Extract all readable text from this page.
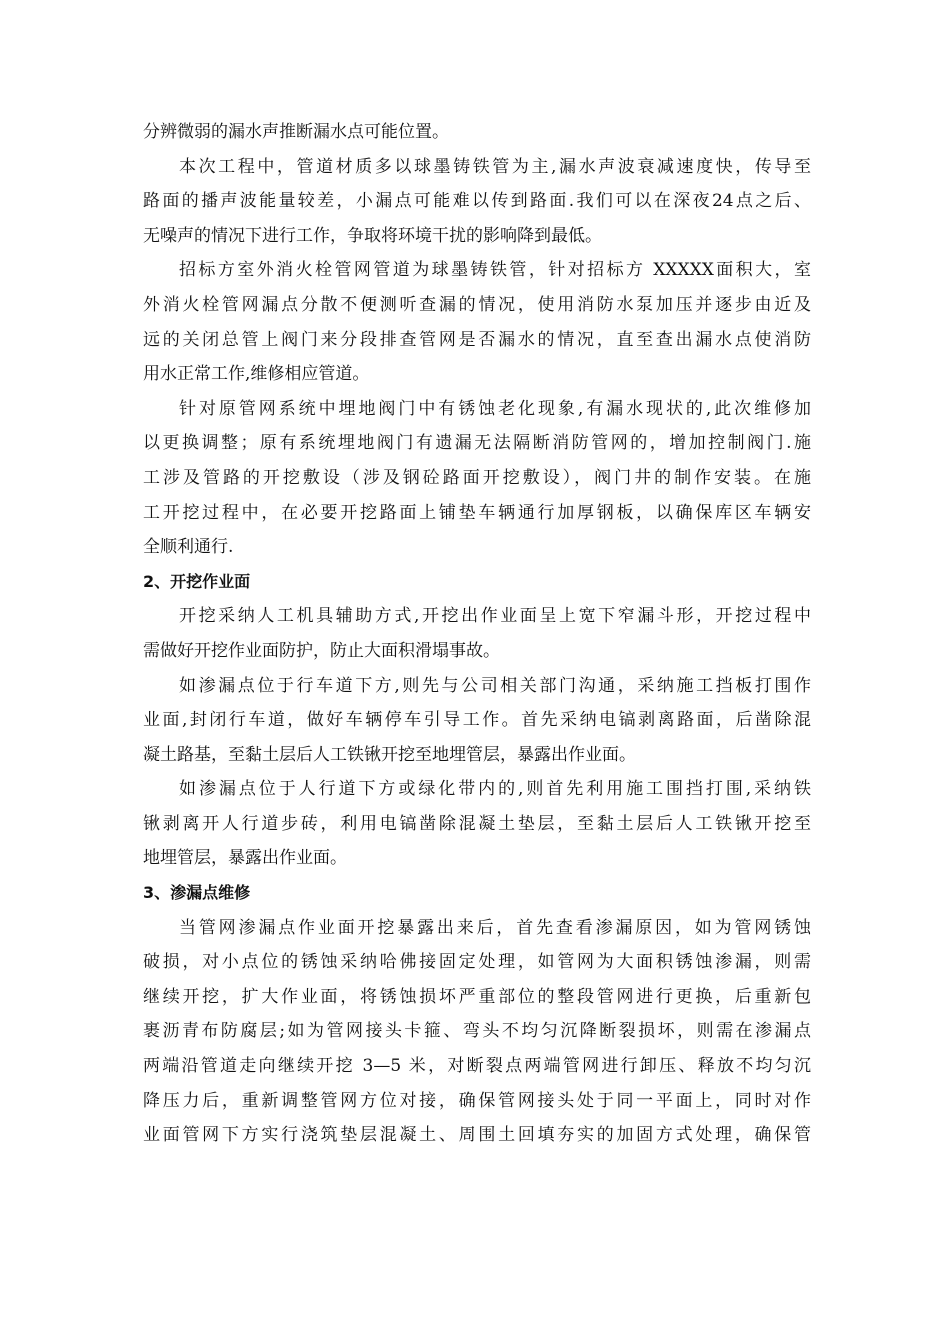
分辨微弱的漏水声推断漏水点可能位置。
本次工程中，管道材质多以球墨铸铁管为主,漏水声波衰减速度快，传导至
路面的播声波能量较差，小漏点可能难以传到路面.我们可以在深夜24点之后、
无噪声的情况下进行工作，争取将环境干扰的影响降到最低。
招标方室外消火栓管网管道为球墨铸铁管，针对招标方 XXXXX面积大，室
外消火栓管网漏点分散不便测听查漏的情况，使用消防水泵加压并逐步由近及
远的关闭总管上阀门来分段排查管网是否漏水的情况，直至查出漏水点使消防
用水正常工作,维修相应管道。
针对原管网系统中埋地阀门中有锈蚀老化现象,有漏水现状的,此次维修加
以更换调整；原有系统埋地阀门有遗漏无法隔断消防管网的，增加控制阀门.施
工涉及管路的开挖敷设（涉及钢砼路面开挖敷设），阀门井的制作安装。在施
工开挖过程中，在必要开挖路面上铺垫车辆通行加厚钢板，以确保库区车辆安
全顺利通行.
2、开挖作业面
开挖采纳人工机具辅助方式,开挖出作业面呈上宽下窄漏斗形，开挖过程中
需做好开挖作业面防护，防止大面积滑塌事故。
如渗漏点位于行车道下方,则先与公司相关部门沟通，采纳施工挡板打围作
业面,封闭行车道，做好车辆停车引导工作。首先采纳电镐剥离路面，后凿除混
凝土路基，至黏土层后人工铁锹开挖至地埋管层，暴露出作业面。
如渗漏点位于人行道下方或绿化带内的,则首先利用施工围挡打围,采纳铁
锹剥离开人行道步砖，利用电镐凿除混凝土垫层，至黏土层后人工铁锹开挖至
地埋管层，暴露出作业面。
3、渗漏点维修
当管网渗漏点作业面开挖暴露出来后，首先查看渗漏原因，如为管网锈蚀
破损，对小点位的锈蚀采纳哈佛接固定处理，如管网为大面积锈蚀渗漏，则需
继续开挖，扩大作业面，将锈蚀损坏严重部位的整段管网进行更换，后重新包
裹沥青布防腐层;如为管网接头卡箍、弯头不均匀沉降断裂损坏，则需在渗漏点
两端沿管道走向继续开挖 3—5 米，对断裂点两端管网进行卸压、释放不均匀沉
降压力后，重新调整管网方位对接，确保管网接头处于同一平面上，同时对作
业面管网下方实行浇筑垫层混凝土、周围土回填夯实的加固方式处理，确保管
